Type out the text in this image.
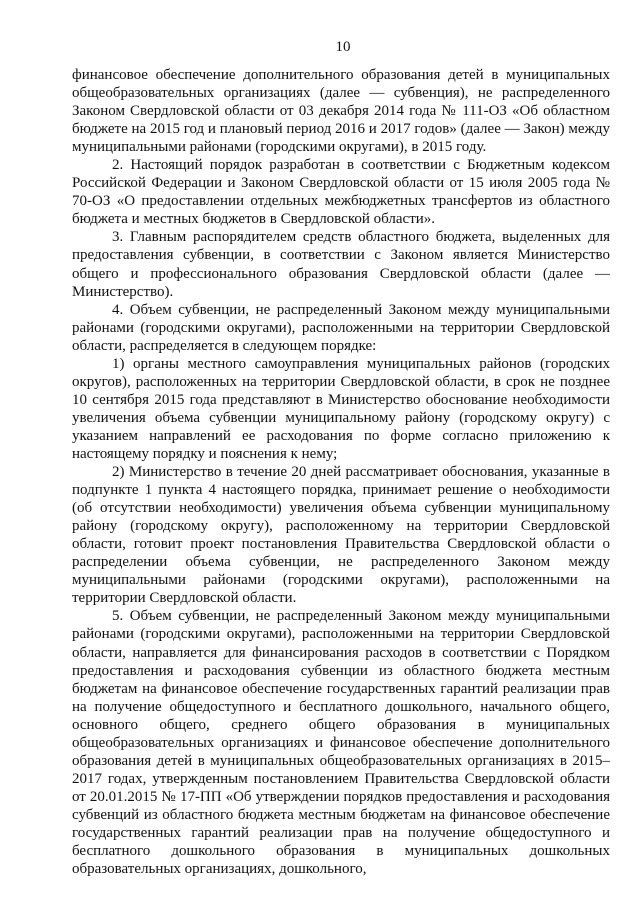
10

финансовое обеспечение дополнительного образования детей в муниципальных общеобразовательных организациях (далее — субвенция), не распределенного Законом Свердловской области от 03 декабря 2014 года № 111-ОЗ «Об областном бюджете на 2015 год и плановый период 2016 и 2017 годов» (далее — Закон) между муниципальными районами (городскими округами), в 2015 году.

2. Настоящий порядок разработан в соответствии с Бюджетным кодексом Российской Федерации и Законом Свердловской области от 15 июля 2005 года № 70-ОЗ «О предоставлении отдельных межбюджетных трансфертов из областного бюджета и местных бюджетов в Свердловской области».

3. Главным распорядителем средств областного бюджета, выделенных для предоставления субвенции, в соответствии с Законом является Министерство общего и профессионального образования Свердловской области (далее — Министерство).

4. Объем субвенции, не распределенный Законом между муниципальными районами (городскими округами), расположенными на территории Свердловской области, распределяется в следующем порядке:

1) органы местного самоуправления муниципальных районов (городских округов), расположенных на территории Свердловской области, в срок не позднее 10 сентября 2015 года представляют в Министерство обоснование необходимости увеличения объема субвенции муниципальному району (городскому округу) с указанием направлений ее расходования по форме согласно приложению к настоящему порядку и пояснения к нему;

2) Министерство в течение 20 дней рассматривает обоснования, указанные в подпункте 1 пункта 4 настоящего порядка, принимает решение о необходимости (об отсутствии необходимости) увеличения объема субвенции муниципальному району (городскому округу), расположенному на территории Свердловской области, готовит проект постановления Правительства Свердловской области о распределении объема субвенции, не распределенного Законом между муниципальными районами (городскими округами), расположенными на территории Свердловской области.

5. Объем субвенции, не распределенный Законом между муниципальными районами (городскими округами), расположенными на территории Свердловской области, направляется для финансирования расходов в соответствии с Порядком предоставления и расходования субвенции из областного бюджета местным бюджетам на финансовое обеспечение государственных гарантий реализации прав на получение общедоступного и бесплатного дошкольного, начального общего, основного общего, среднего общего образования в муниципальных общеобразовательных организациях и финансовое обеспечение дополнительного образования детей в муниципальных общеобразовательных организациях в 2015–2017 годах, утвержденным постановлением Правительства Свердловской области от 20.01.2015 № 17-ПП «Об утверждении порядков предоставления и расходования субвенций из областного бюджета местным бюджетам на финансовое обеспечение государственных гарантий реализации прав на получение общедоступного и бесплатного дошкольного образования в муниципальных дошкольных образовательных организациях, дошкольного,
